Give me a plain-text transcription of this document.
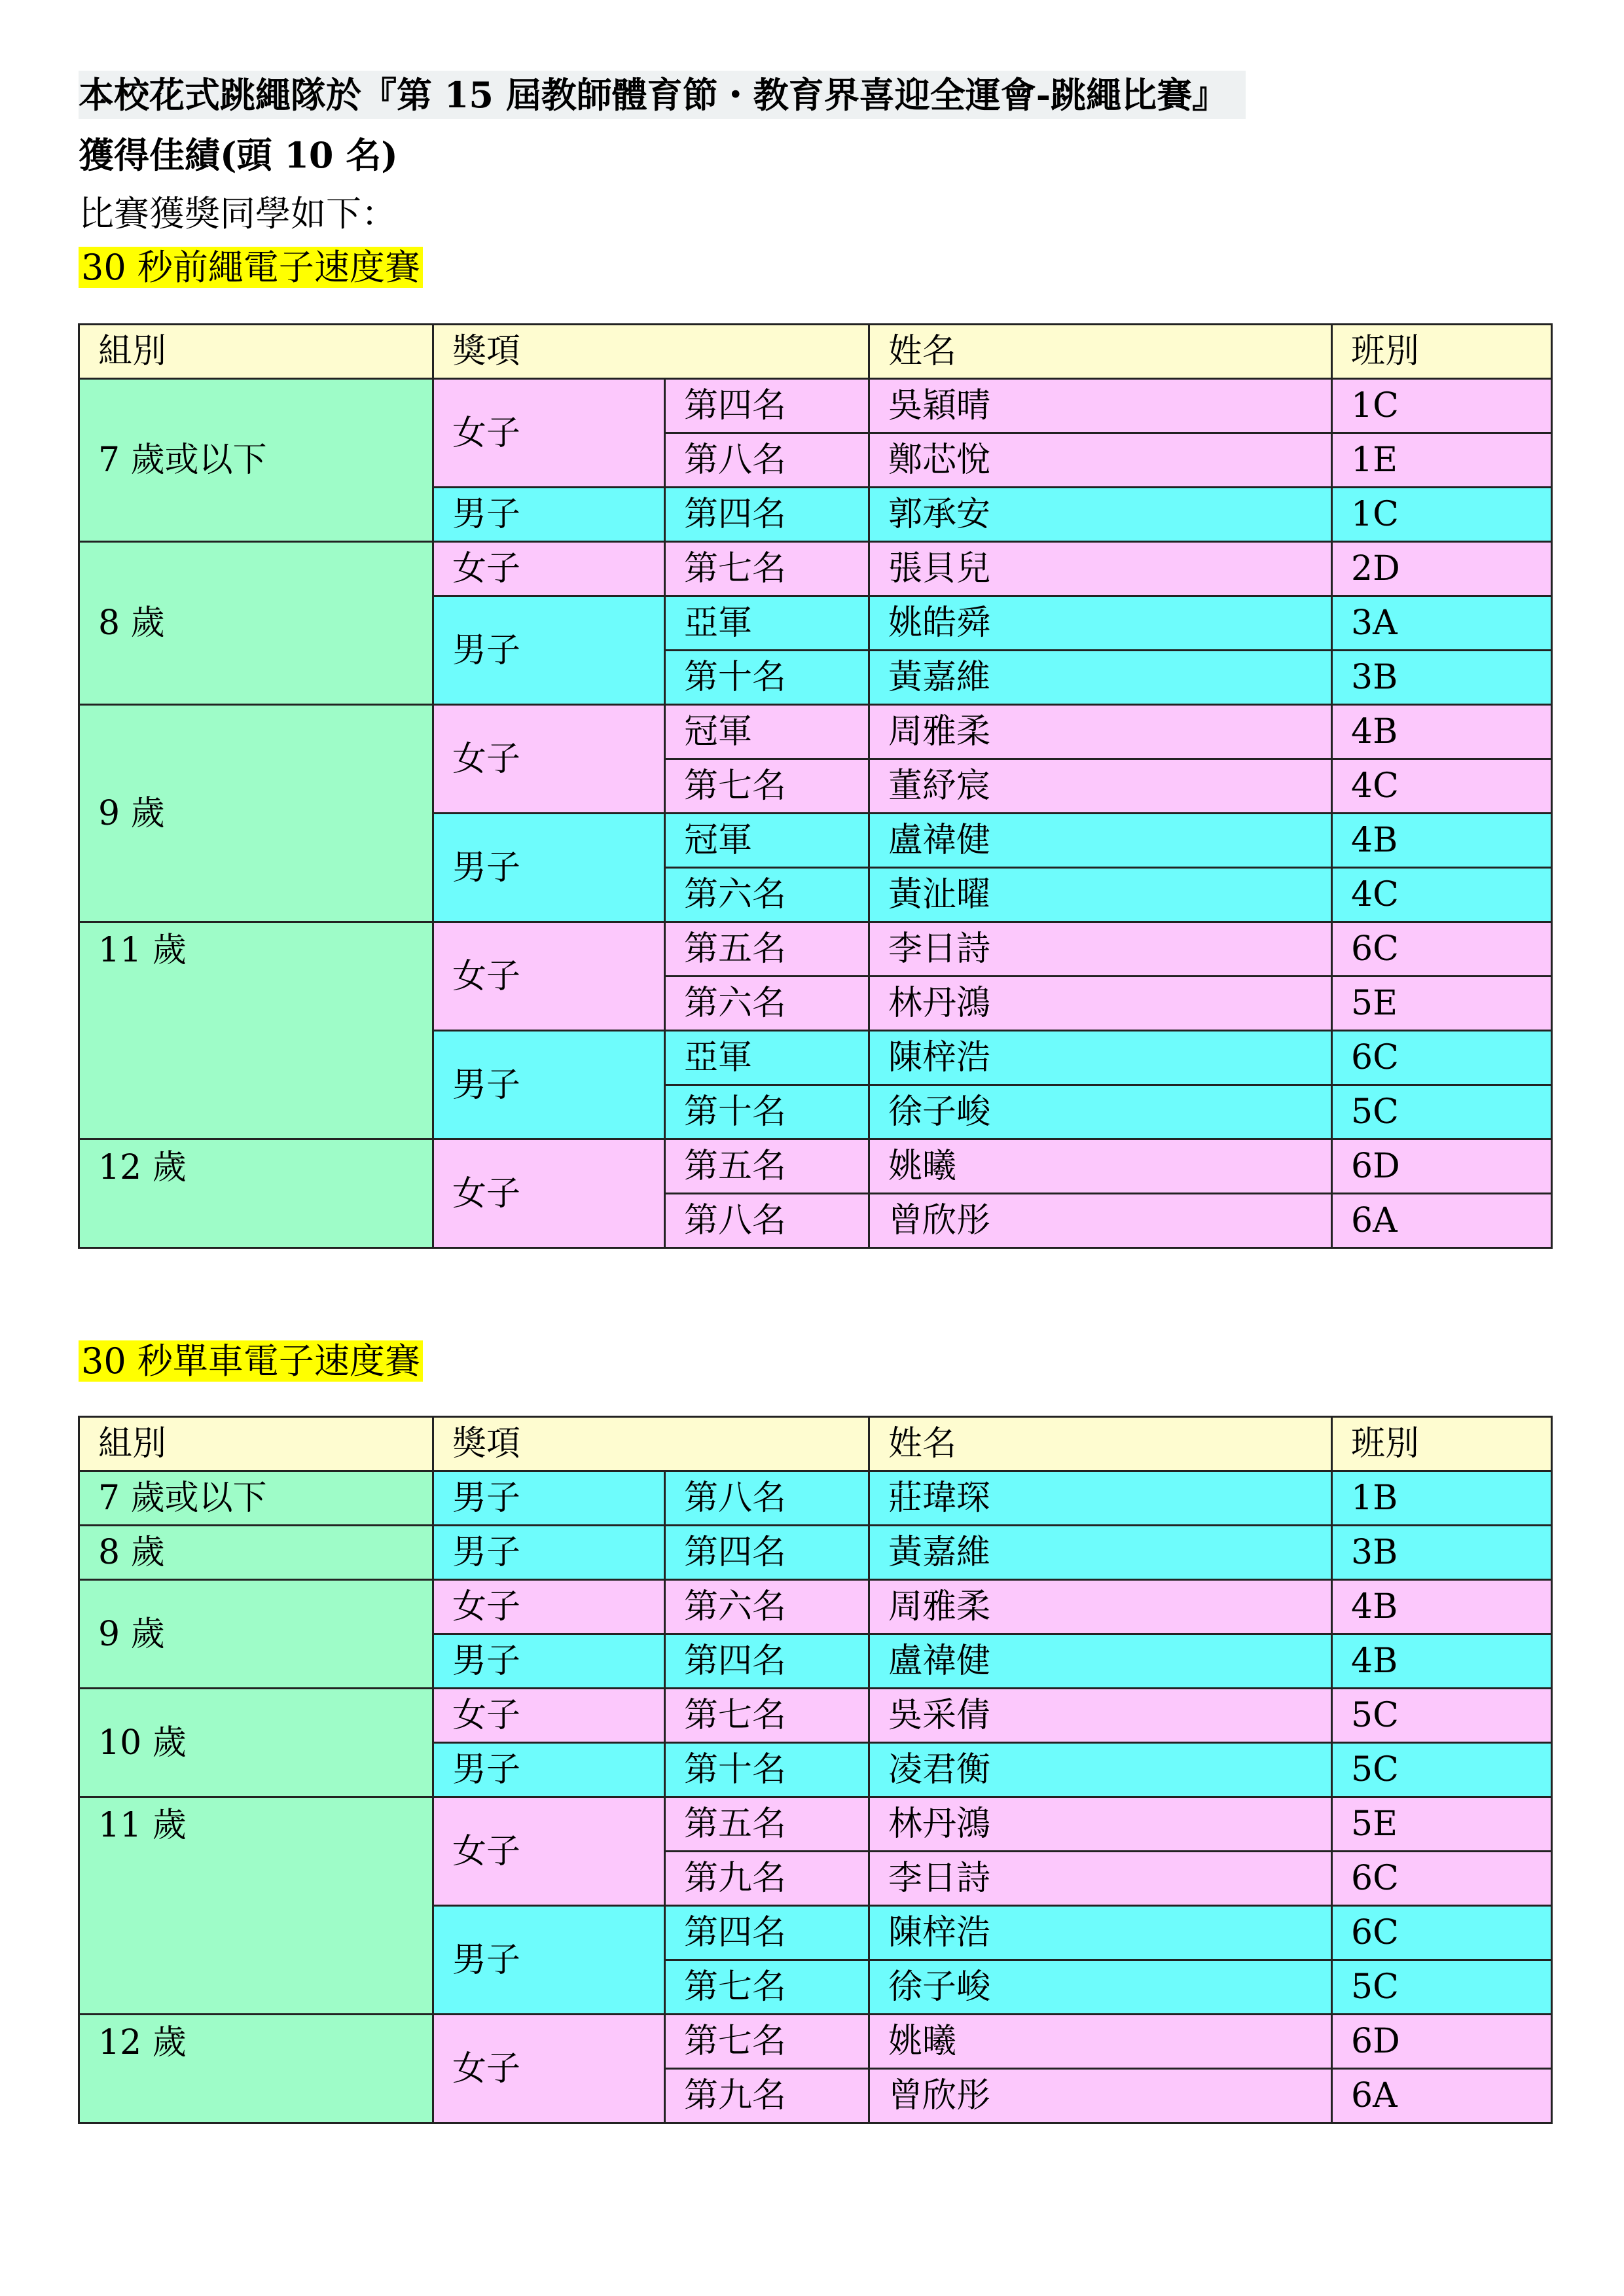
本校花式跳繩隊於『第 15 屆教師體育節・教育界喜迎全運會-跳繩比賽』
獲得佳績(頭 10 名)
比賽獲獎同學如下：
30 秒前繩電子速度賽
組別	獎項		姓名	班別
7 歲或以下	女子	第四名	吳穎晴	1C
		第八名	鄭芯悅	1E
	男子	第四名	郭承安	1C
8 歲	女子	第七名	張貝兒	2D
	男子	亞軍	姚皓舜	3A
		第十名	黃嘉維	3B
9 歲	女子	冠軍	周雅柔	4B
		第七名	董紓宸	4C
	男子	冠軍	盧禕健	4B
		第六名	黃沚曜	4C
11 歲	女子	第五名	李日詩	6C
		第六名	林丹鴻	5E
	男子	亞軍	陳梓浩	6C
		第十名	徐子峻	5C
12 歲	女子	第五名	姚曦	6D
		第八名	曾欣彤	6A
30 秒單車電子速度賽
組別	獎項		姓名	班別
7 歲或以下	男子	第八名	莊瑋琛	1B
8 歲	男子	第四名	黃嘉維	3B
9 歲	女子	第六名	周雅柔	4B
	男子	第四名	盧禕健	4B
10 歲	女子	第七名	吳采倩	5C
	男子	第十名	凌君衡	5C
11 歲	女子	第五名	林丹鴻	5E
		第九名	李日詩	6C
	男子	第四名	陳梓浩	6C
		第七名	徐子峻	5C
12 歲	女子	第七名	姚曦	6D
		第九名	曾欣彤	6A
